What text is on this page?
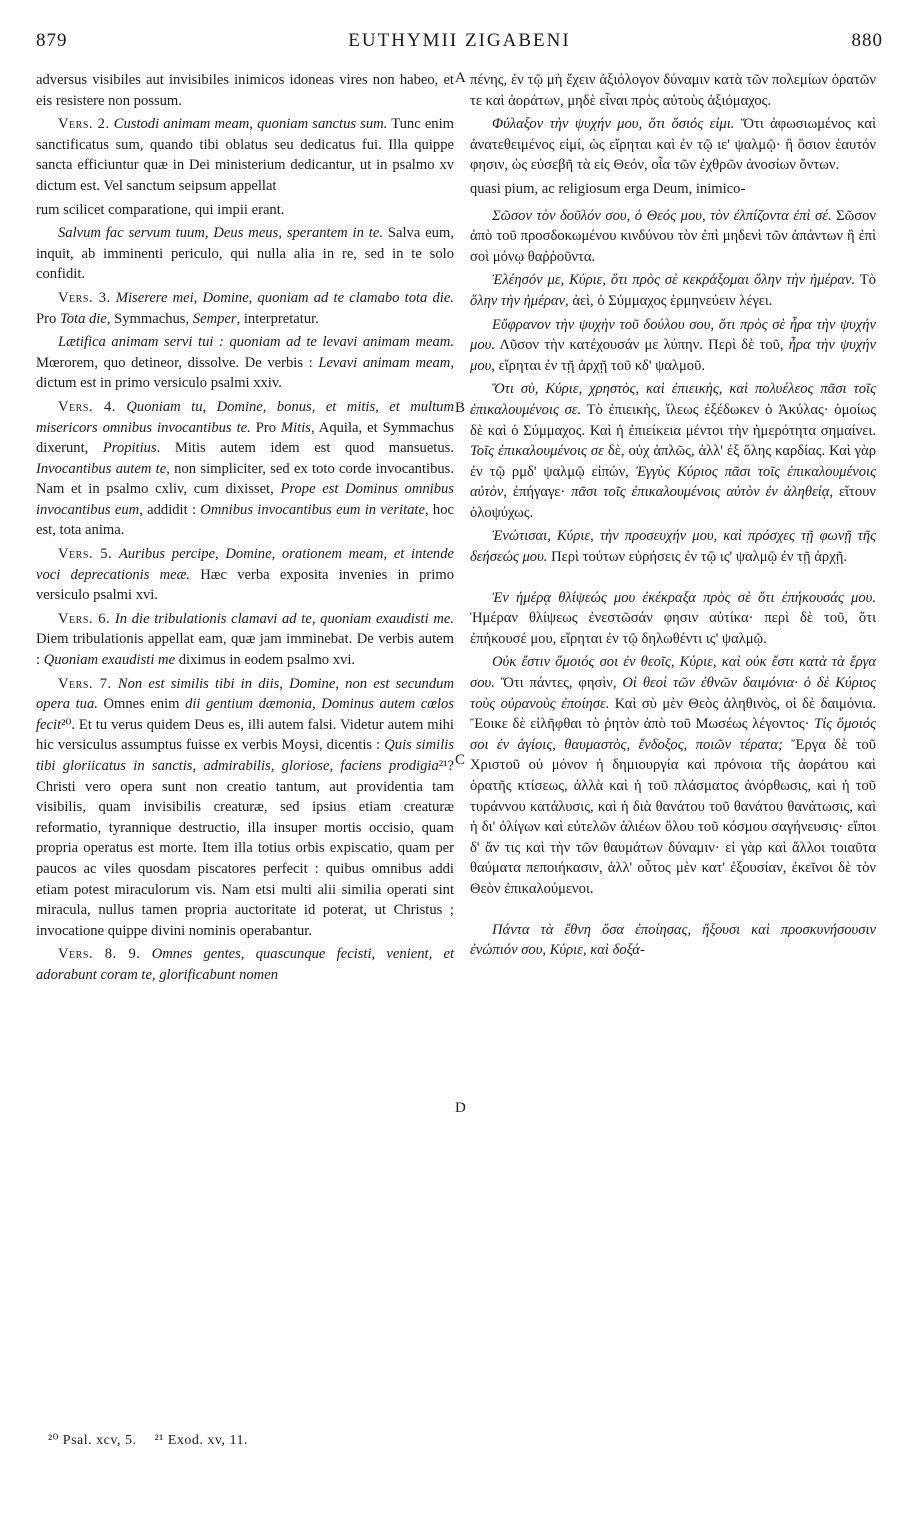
879	EUTHYMII ZIGABENI	880
A
B
C
D

adversus visibiles aut invisibiles inimicos idoneas vires non habeo, et eis resistere non possum.

Vers. 2. Custodi animam meam, quoniam sanctus sum. Tunc enim sanctificatus sum, quando tibi oblatus seu dedicatus fui. Illa quippe sancta efficiuntur quæ in Dei ministerium dedicantur, ut in psalmo xv dictum est. Vel sanctum seipsum appellat

rum scilicet comparatione, qui impii erant.

Salvum fac servum tuum, Deus meus, sperantem in te. Salva eum, inquit, ab imminenti periculo, qui nulla alia in re, sed in te solo confidit.

Vers. 3. Miserere mei, Domine, quoniam ad te clamabo tota die. Pro Tota die, Symmachus, Semper, interpretatur.

Lætifica animam servi tui : quoniam ad te levavi animam meam. Mœrorem, quo detineor, dissolve. De verbis : Levavi animam meam, dictum est in primo versiculo psalmi xxiv.

Vers. 4. Quoniam tu, Domine, bonus, et mitis, et multum misericors omnibus invocantibus te. Pro Mitis, Aquila, et Symmachus dixerunt, Propitius. Mitis autem idem est quod mansuetus. Invocantibus autem te, non simpliciter, sed ex toto corde invocantibus. Nam et in psalmo cxliv, cum dixisset, Prope est Dominus omnibus invocantibus eum, addidit : Omnibus invocantibus eum in veritate, hoc est, tota anima.

Vers. 5. Auribus percipe, Domine, orationem meam, et intende voci deprecationis meæ. Hæc verba exposita invenies in primo versiculo psalmi xvi.

Vers. 6. In die tribulationis clamavi ad te, quoniam exaudisti me. Diem tribulationis appellat eam, quæ jam imminebat. De verbis autem : Quoniam exaudisti me diximus in eodem psalmo xvi.

Vers. 7. Non est similis tibi in diis, Domine, non est secundum opera tua. Omnes enim dii gentium dæmonia, Dominus autem cœlos fecit²⁰. Et tu verus quidem Deus es, illi autem falsi. Videtur autem mihi hic versiculus assumptus fuisse ex verbis Moysi, dicentis : Quis similis tibi gloriicatus in sanctis, admirabilis, gloriose, faciens prodigia²¹? Christi vero opera sunt non creatio tantum, aut providentia tam visibilis, quam invisibilis creaturæ, sed ipsius etiam creaturæ reformatio, tyrannique destructio, illa insuper mortis occisio, quam propria operatus est morte. Item illa totius orbis expiscatio, quam per paucos ac viles quosdam piscatores perfecit : quibus omnibus addi etiam potest miraculorum vis. Nam etsi multi alii similia operati sint miracula, nullus tamen propria auctoritate id poterat, ut Christus ; invocatione quippe divini nominis operabantur.

Vers. 8. 9. Omnes gentes, quascunque fecisti, venient, et adorabunt coram te, glorificabunt nomen

πένης, ἐν τῷ μὴ ἔχειν ἀξιόλογον δύναμιν κατὰ τῶν πολεμίων ὁρατῶν τε καὶ ἀοράτων, μηδὲ εἶναι πρὸς αὐτοὺς ἀξιόμαχος.

Φύλαξον τὴν ψυχήν μου, ὅτι ὅσιός εἰμι. Ὅτι ἀφωσιωμένος καὶ ἀνατεθειμένος εἰμί, ὡς εἴρηται καὶ ἐν τῷ ιε' ψαλμῷ· ἢ ὅσιον ἑαυτόν φησιν, ὡς εὐσεβῆ τὰ εἰς Θεόν, οἷα τῶν ἐχθρῶν ἀνοσίων ὄντων.

quasi pium, ac religiosum erga Deum, inimico-

Σῶσον τὸν δοῦλόν σου, ὁ Θεός μου, τὸν ἐλπίζοντα ἐπὶ σέ. Σῶσον ἀπὸ τοῦ προσδοκωμένου κινδύνου τὸν ἐπὶ μηδενὶ τῶν ἁπάντων ἢ ἐπὶ σοὶ μόνῳ θαῤῥοῦντα.

Ἐλέησόν με, Κύριε, ὅτι πρὸς σὲ κεκράξομαι ὅλην τὴν ἡμέραν. Τὸ ὅλην τὴν ἡμέραν, ἀεὶ, ὁ Σύμμαχος ἑρμηνεύειν λέγει.

Εὔφρανον τὴν ψυχὴν τοῦ δούλου σου, ὅτι πρὸς σὲ ἦρα τὴν ψυχήν μου. Λῦσον τὴν κατέχουσάν με λύπην. Περὶ δὲ τοῦ, ἦρα τὴν ψυχήν μου, εἴρηται ἐν τῇ ἀρχῇ τοῦ κδ' ψαλμοῦ.

Ὅτι σὺ, Κύριε, χρηστὸς, καὶ ἐπιεικὴς, καὶ πολυέλεος πᾶσι τοῖς ἐπικαλουμένοις σε. Τὸ ἐπιεικὴς, ἵλεως ἐξέδωκεν ὁ Ἀκύλας· ὁμοίως δὲ καὶ ὁ Σύμμαχος. Καὶ ἡ ἐπιείκεια μέντοι τὴν ἡμερότητα σημαίνει. Τοῖς ἐπικαλουμένοις σε δὲ, οὐχ ἁπλῶς, ἀλλ' ἐξ ὅλης καρδίας. Καὶ γὰρ ἐν τῷ ρμδ' ψαλμῷ εἰπών, Ἐγγὺς Κύριος πᾶσι τοῖς ἐπικαλουμένοις αὐτὸν, ἐπήγαγε· πᾶσι τοῖς ἐπικαλουμένοις αὐτὸν ἐν ἀληθείᾳ, εἴτουν ὁλοψύχως.

Ἐνώτισαι, Κύριε, τὴν προσευχήν μου, καὶ πρόσχες τῇ φωνῇ τῆς δεήσεώς μου. Περὶ τούτων εὑρήσεις ἐν τῷ ις' ψαλμῷ ἐν τῇ ἀρχῇ.

Ἐν ἡμέρᾳ θλίψεώς μου ἐκέκραξα πρὸς σὲ ὅτι ἐπήκουσάς μου. Ἡμέραν θλίψεως ἐνεστῶσάν φησιν αὐτίκα· περὶ δὲ τοῦ, ὅτι ἐπήκουσέ μου, εἴρηται ἐν τῷ δηλωθέντι ις' ψαλμῷ.

Οὐκ ἔστιν ὅμοιός σοι ἐν θεοῖς, Κύριε, καὶ οὐκ ἔστι κατὰ τὰ ἔργα σου. Ὅτι πάντες, φησὶν, Οἱ θεοὶ τῶν ἐθνῶν δαιμόνια· ὁ δὲ Κύριος τοὺς οὐρανοὺς ἐποίησε. Καὶ σὺ μὲν Θεὸς ἀληθινὸς, οἱ δὲ δαιμόνια. Ἔοικε δὲ εἰλῆφθαι τὸ ῥητὸν ἀπὸ τοῦ Μωσέως λέγοντος· Τίς ὅμοιός σοι ἐν ἁγίοις, θαυμαστὸς, ἔνδοξος, ποιῶν τέρατα; Ἔργα δὲ τοῦ Χριστοῦ οὐ μόνον ἡ δημιουργία καὶ πρόνοια τῆς ἀοράτου καὶ ὁρατῆς κτίσεως, ἀλλὰ καὶ ἡ τοῦ πλάσματος ἀνόρθωσις, καὶ ἡ τοῦ τυράννου κατάλυσις, καὶ ἡ διὰ θανάτου τοῦ θανάτου θανάτωσις, καὶ ἡ δι' ὀλίγων καὶ εὐτελῶν ἁλιέων ὅλου τοῦ κόσμου σαγήνευσις· εἴποι δ' ἄν τις καὶ τὴν τῶν θαυμάτων δύναμιν· εἰ γὰρ καὶ ἄλλοι τοιαῦτα θαύματα πεποιήκασιν, ἀλλ' οὗτος μὲν κατ' ἐξουσίαν, ἐκεῖνοι δὲ τὸν Θεὸν ἐπικαλούμενοι.

Πάντα τὰ ἔθνη ὅσα ἐποίησας, ἥξουσι καὶ προσκυνήσουσιν ἐνώπιόν σου, Κύριε, καὶ δοξά-

²⁰ Psal. xcv, 5. ²¹ Exod. xv, 11.
